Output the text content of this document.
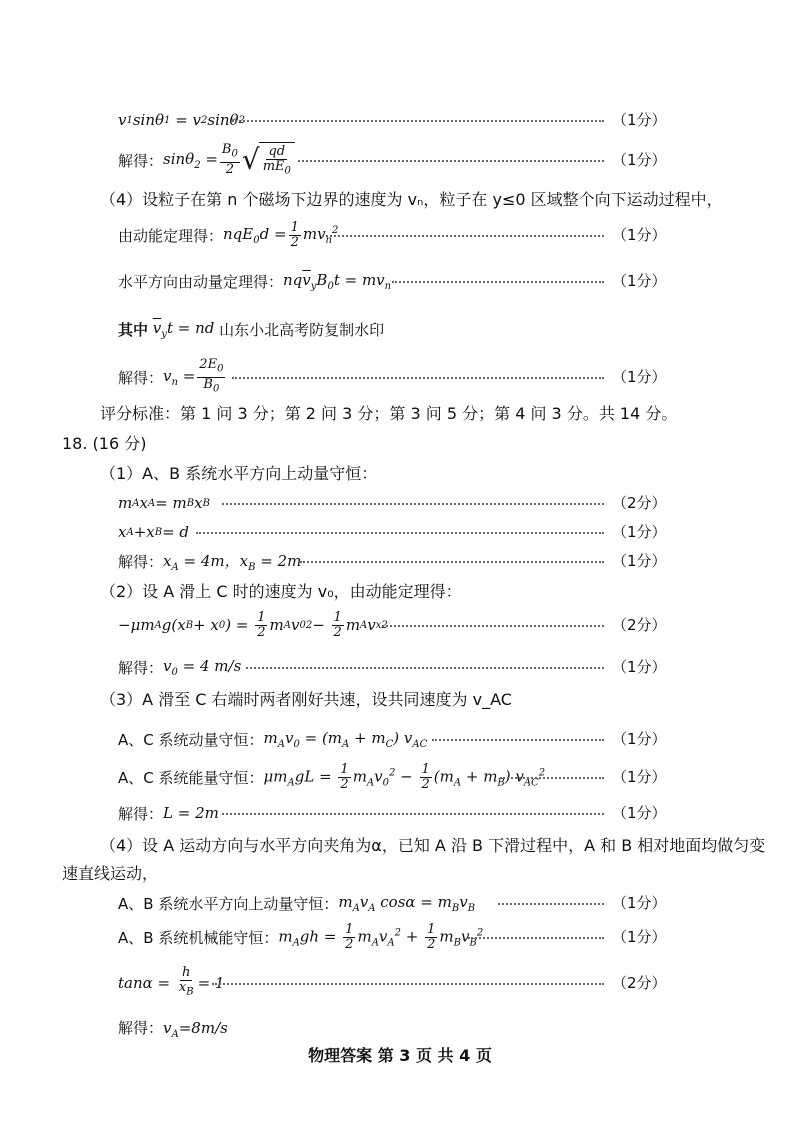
v 1 sin θ 1 = v 2 sin θ 2	（1分）
解得： $\sin\theta_2 = \frac{B_0}{2}$ √ $\frac{qd}{mE_0}$	（1分）
（4）设粒子在第 n 个磁场下边界的速度为 vₙ，粒子在 y≤0 区域整个向下运动过程中，
由动能定理得： $nqE_0d = \frac{1}{2} mv_n^2$	（1分）
水平方向由动量定理得： $nq\overline{v}_yB_0t = mv_n$	（1分）
其中
$\overline{v}_yt$ = nd
山东小北高考防复制水印
解得： $v_n = \frac{2E_0}{B_0}$	（1分）
评分标准：第 1 问 3 分；第 2 问 3 分；第 3 问 5 分；第 4 问 3 分。共 14 分。
18. (16 分)
（1）A、B 系统水平方向上动量守恒：
m A x A = m B x B	（2分）
x A +x B = d	（1分）
解得： $x_A = 4m$，$x_B = 2m$	（1分）
（2）设 A 滑上 C 时的速度为 v₀，由动能定理得：
−μm A g(x B + x 0 ) = $\frac{1}{2}$ m A v 0 $2 - \frac{1}{2}$ m A v x 2	（2分）
解得： $v_0 = 4$ m/s	（1分）
（3）A 滑至 C 右端时两者刚好共速，设共同速度为 v_AC
A、C 系统动量守恒： $m_Av_0 = (m_A + m_C)$ $v_{AC}$	（1分）
A、C 系统能量守恒： $\mu m_AgL = \frac{1}{2} m_Av_0^2 - \frac{1}{2} (m_A + m_B)$ $v_{AC}^2$	（1分）
解得： L = 2m	（1分）
（4）设 A 运动方向与水平方向夹角为α，已知 A 沿 B 下滑过程中，A 和 B 相对地面均做匀变
速直线运动，
A、B 系统水平方向上动量守恒： $m_Av_A$ $\cos\alpha = m_Bv_B$	（1分）
A、B 系统机械能守恒： $m_Agh = \frac{1}{2} m_Av_A^2 + \frac{1}{2} m_Bv_B^2$	（1分）
$\tan\alpha = \frac{h}{x_B} = 1$	（2分）
解得：$v_A=8m/s$
物理答案 第 3 页 共 4 页
